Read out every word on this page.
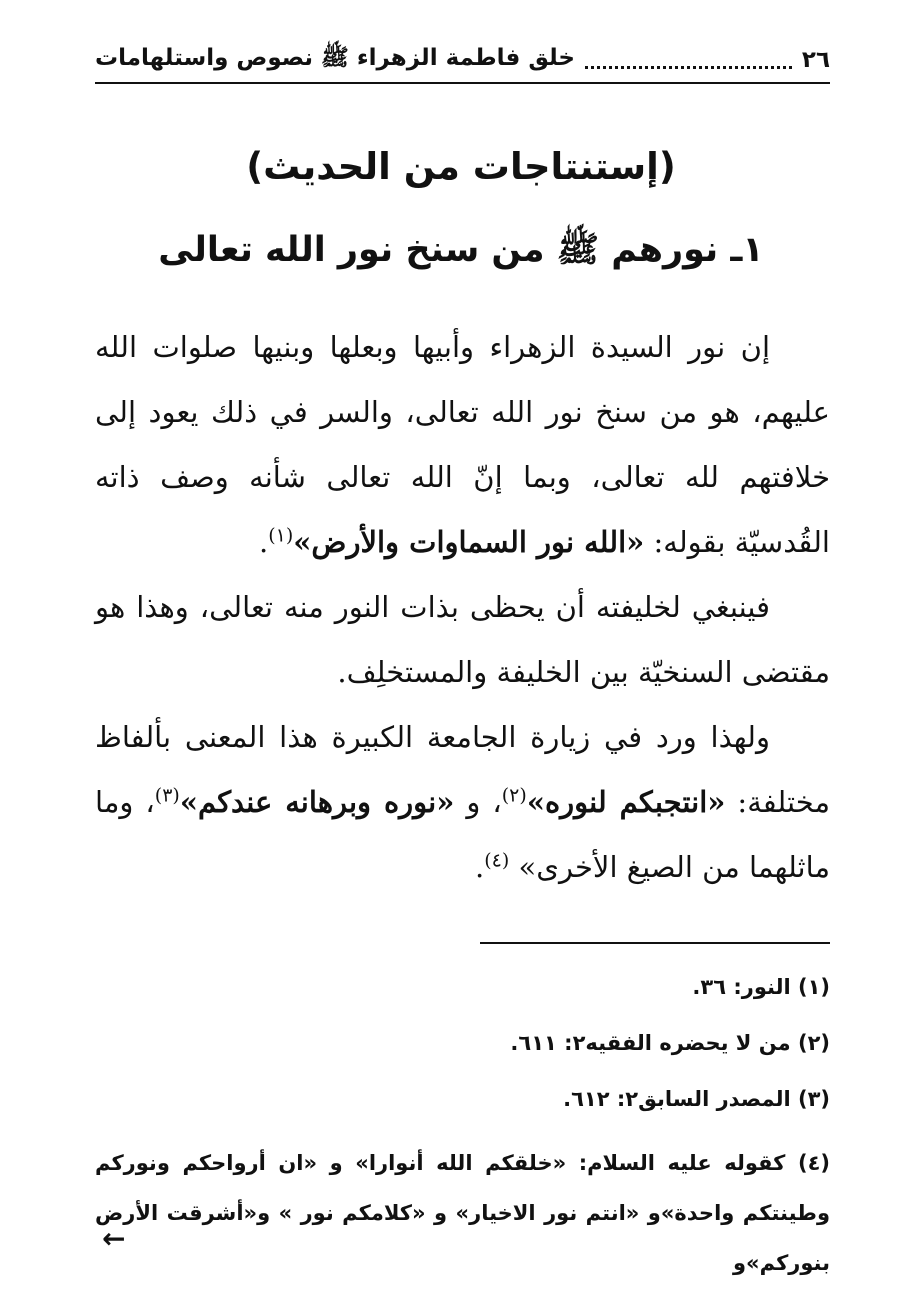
٢٦
خلق فاطمة الزهراء ﷺ نصوص واستلهامات
(إستنتاجات من الحديث)
١ـ نورهم ﷺ من سنخ نور الله تعالى

إن نور السيدة الزهراء وأبيها وبعلها وبنيها صلوات الله عليهم، هو من سنخ نور الله تعالى، والسر في ذلك يعود إلى خلافتهم لله تعالى، وبما إنّ الله تعالى شأنه وصف ذاته القُدسيّة بقوله: «الله نور السماوات والأرض»$^{(١)}$.

فينبغي لخليفته أن يحظى بذات النور منه تعالى، وهذا هو مقتضى السنخيّة بين الخليفة والمستخلِف.

ولهذا ورد في زيارة الجامعة الكبيرة هذا المعنى بألفاظ مختلفة: «انتجبكم لنوره»$^{(٢)}$، و «نوره وبرهانه عندكم»$^{(٣)}$، وما ماثلهما من الصيغ الأخرى» $^{(٤)}$.

(١) النور: ٣٦.
(٢) من لا يحضره الفقيه٢: ٦١١.
(٣) المصدر السابق٢: ٦١٢.
(٤) كقوله عليه السلام: «خلقكم الله أنوارا» و «ان أرواحكم ونوركم وطينتكم واحدة»و «انتم نور الاخيار» و «كلامكم نور » و«أشرقت الأرض بنوركم»و
←
